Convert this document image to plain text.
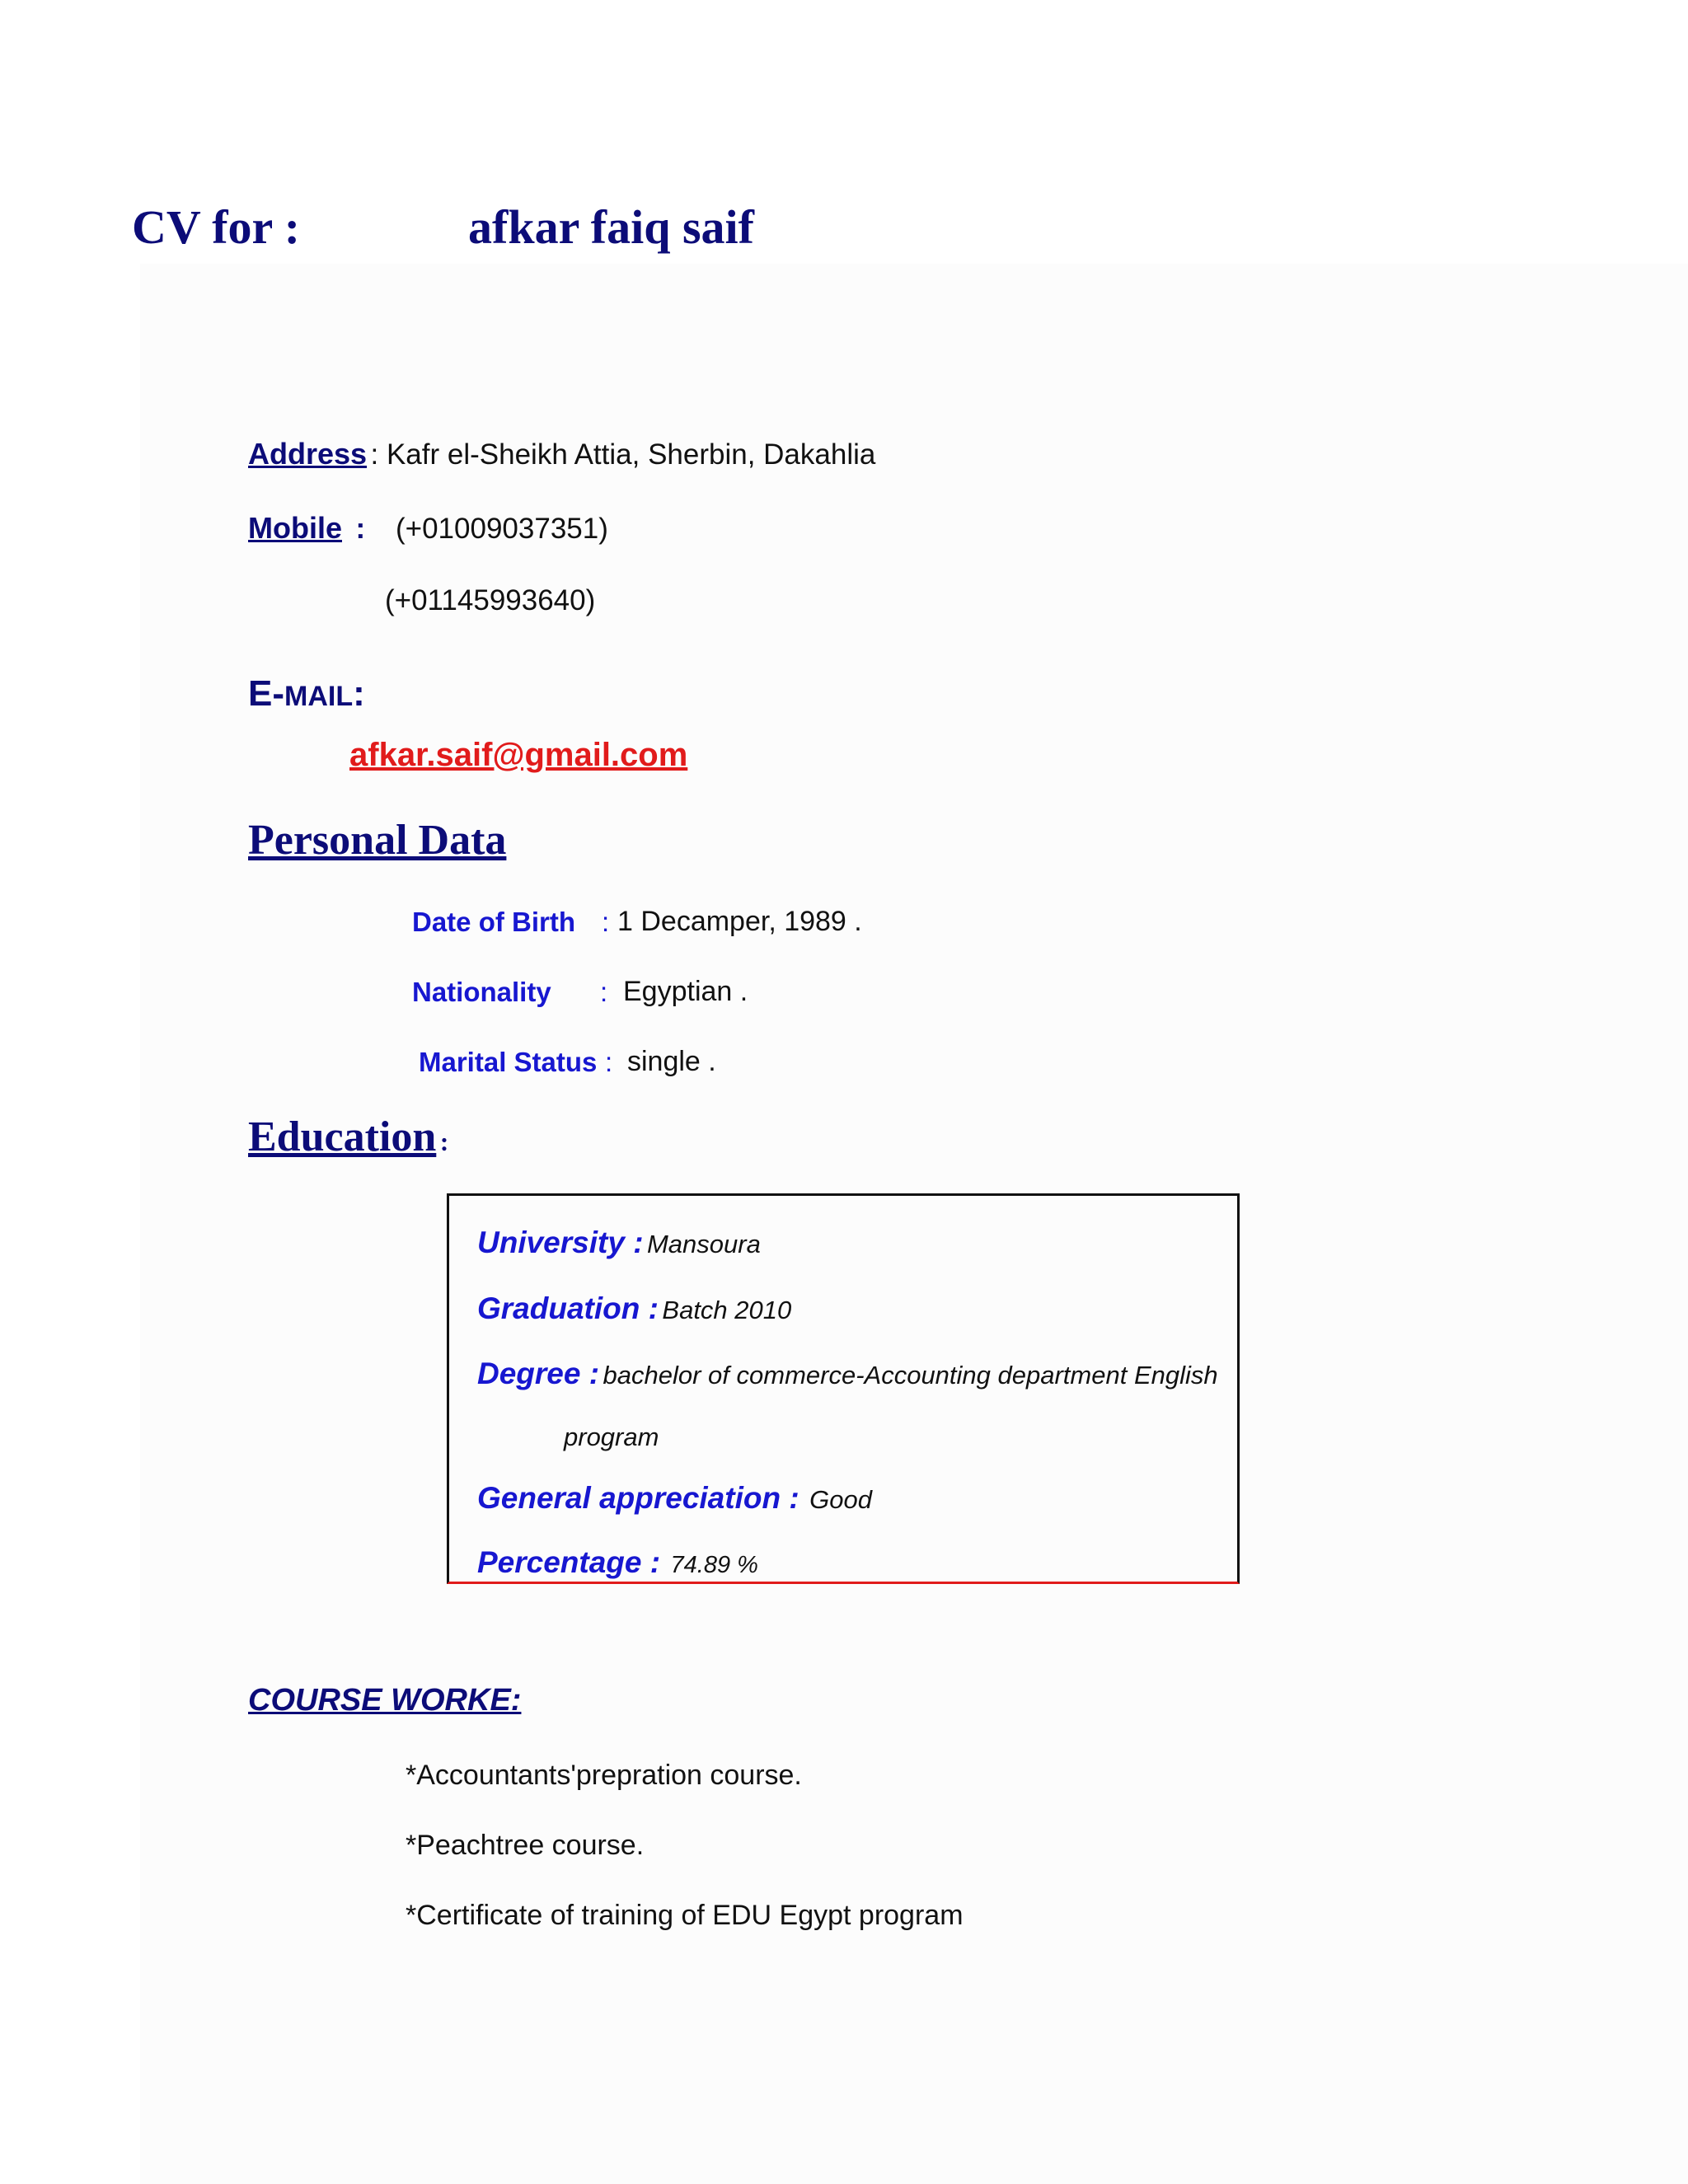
CV for :	afkar faiq saif
Address : Kafr el-Sheikh Attia, Sherbin, Dakahlia
Mobile : (+01009037351)
(+01145993640)
E-MAIL:
afkar.saif@gmail.com
Personal Data
Date of Birth : 1 Decamper, 1989 .
Nationality : Egyptian .
Marital Status : single .
Education :
University : Mansoura
Graduation : Batch 2010
Degree : bachelor of commerce-Accounting department English
program
General appreciation : Good
Percentage : 74.89 %
COURSE WORKE:
*Accountants'prepration course.
*Peachtree course.
*Certificate of training of EDU Egypt program
